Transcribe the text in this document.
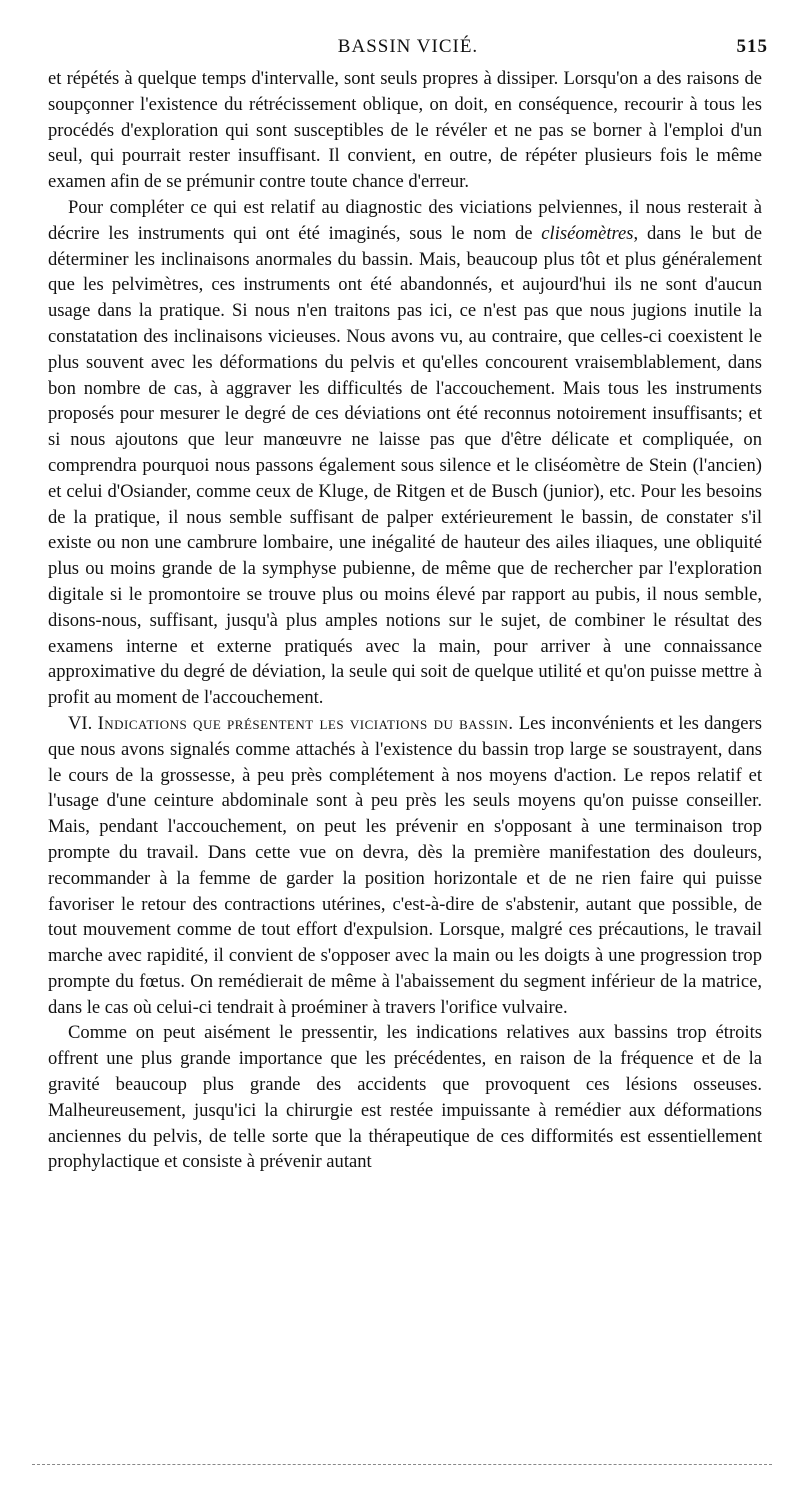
BASSIN VICIÉ.	515

et répétés à quelque temps d'intervalle, sont seuls propres à dissiper. Lorsqu'on a des raisons de soupçonner l'existence du rétrécissement oblique, on doit, en conséquence, recourir à tous les procédés d'exploration qui sont susceptibles de le révéler et ne pas se borner à l'emploi d'un seul, qui pourrait rester insuffisant. Il convient, en outre, de répéter plusieurs fois le même examen afin de se prémunir contre toute chance d'erreur.

Pour compléter ce qui est relatif au diagnostic des viciations pelviennes, il nous resterait à décrire les instruments qui ont été imaginés, sous le nom de cliséomètres, dans le but de déterminer les inclinaisons anormales du bassin. Mais, beaucoup plus tôt et plus généralement que les pelvimètres, ces instruments ont été abandonnés, et aujourd'hui ils ne sont d'aucun usage dans la pratique. Si nous n'en traitons pas ici, ce n'est pas que nous jugions inutile la constatation des inclinaisons vicieuses. Nous avons vu, au contraire, que celles-ci coexistent le plus souvent avec les déformations du pelvis et qu'elles concourent vraisemblablement, dans bon nombre de cas, à aggraver les difficultés de l'accouchement. Mais tous les instruments proposés pour mesurer le degré de ces déviations ont été reconnus notoirement insuffisants; et si nous ajoutons que leur manœuvre ne laisse pas que d'être délicate et compliquée, on comprendra pourquoi nous passons également sous silence et le cliséomètre de Stein (l'ancien) et celui d'Osiander, comme ceux de Kluge, de Ritgen et de Busch (junior), etc. Pour les besoins de la pratique, il nous semble suffisant de palper extérieurement le bassin, de constater s'il existe ou non une cambrure lombaire, une inégalité de hauteur des ailes iliaques, une obliquité plus ou moins grande de la symphyse pubienne, de même que de rechercher par l'exploration digitale si le promontoire se trouve plus ou moins élevé par rapport au pubis, il nous semble, disons-nous, suffisant, jusqu'à plus amples notions sur le sujet, de combiner le résultat des examens interne et externe pratiqués avec la main, pour arriver à une connaissance approximative du degré de déviation, la seule qui soit de quelque utilité et qu'on puisse mettre à profit au moment de l'accouchement.

VI. Indications que présentent les viciations du bassin. Les inconvénients et les dangers que nous avons signalés comme attachés à l'existence du bassin trop large se soustrayent, dans le cours de la grossesse, à peu près complétement à nos moyens d'action. Le repos relatif et l'usage d'une ceinture abdominale sont à peu près les seuls moyens qu'on puisse conseiller. Mais, pendant l'accouchement, on peut les prévenir en s'opposant à une terminaison trop prompte du travail. Dans cette vue on devra, dès la première manifestation des douleurs, recommander à la femme de garder la position horizontale et de ne rien faire qui puisse favoriser le retour des contractions utérines, c'est-à-dire de s'abstenir, autant que possible, de tout mouvement comme de tout effort d'expulsion. Lorsque, malgré ces précautions, le travail marche avec rapidité, il convient de s'opposer avec la main ou les doigts à une progression trop prompte du fœtus. On remédierait de même à l'abaissement du segment inférieur de la matrice, dans le cas où celui-ci tendrait à proéminer à travers l'orifice vulvaire.

Comme on peut aisément le pressentir, les indications relatives aux bassins trop étroits offrent une plus grande importance que les précédentes, en raison de la fréquence et de la gravité beaucoup plus grande des accidents que provoquent ces lésions osseuses. Malheureusement, jusqu'ici la chirurgie est restée impuissante à remédier aux déformations anciennes du pelvis, de telle sorte que la thérapeutique de ces difformités est essentiellement prophylactique et consiste à prévenir autant
